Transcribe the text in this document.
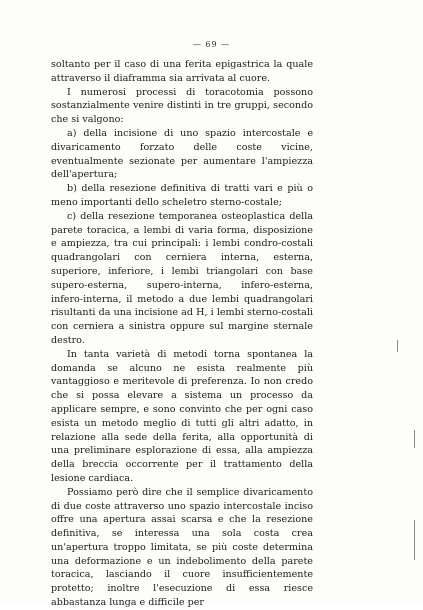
— 69 —

soltanto per il caso di una ferita epigastrica la quale attraverso il diaframma sia arrivata al cuore.

I numerosi processi di toracotomia possono sostanzialmente venire distinti in tre gruppi, secondo che si valgono:

a) della incisione di uno spazio intercostale e divaricamento forzato delle coste vicine, eventualmente sezionate per aumentare l'ampiezza dell'apertura;

b) della resezione definitiva di tratti vari e più o meno importanti dello scheletro sterno-costale;

c) della resezione temporanea osteoplastica della parete toracica, a lembi di varia forma, disposizione e ampiezza, tra cui principali: i lembi condro-costali quadrangolari con cerniera interna, esterna, superiore, inferiore, i lembi triangolari con base supero-esterna, supero-interna, infero-esterna, infero-interna, il metodo a due lembi quadrangolari risultanti da una incisione ad H, i lembi sterno-costali con cerniera a sinistra oppure sul margine sternale destro.

In tanta varietà di metodi torna spontanea la domanda se alcuno ne esista realmente più vantaggioso e meritevole di preferenza. Io non credo che si possa elevare a sistema un processo da applicare sempre, e sono convinto che per ogni caso esista un metodo meglio di tutti gli altri adatto, in relazione alla sede della ferita, alla opportunità di una preliminare esplorazione di essa, alla ampiezza della breccia occorrente per il trattamento della lesione cardiaca.

Possiamo però dire che il semplice divaricamento di due coste attraverso uno spazio intercostale inciso offre una apertura assai scarsa e che la resezione definitiva, se interessa una sola costa crea un'apertura troppo limitata, se più coste determina una deformazione e un indebolimento della parete toracica, lasciando il cuore insufficientemente protetto; inoltre l'esecuzione di essa riesce abbastanza lunga e difficile per
